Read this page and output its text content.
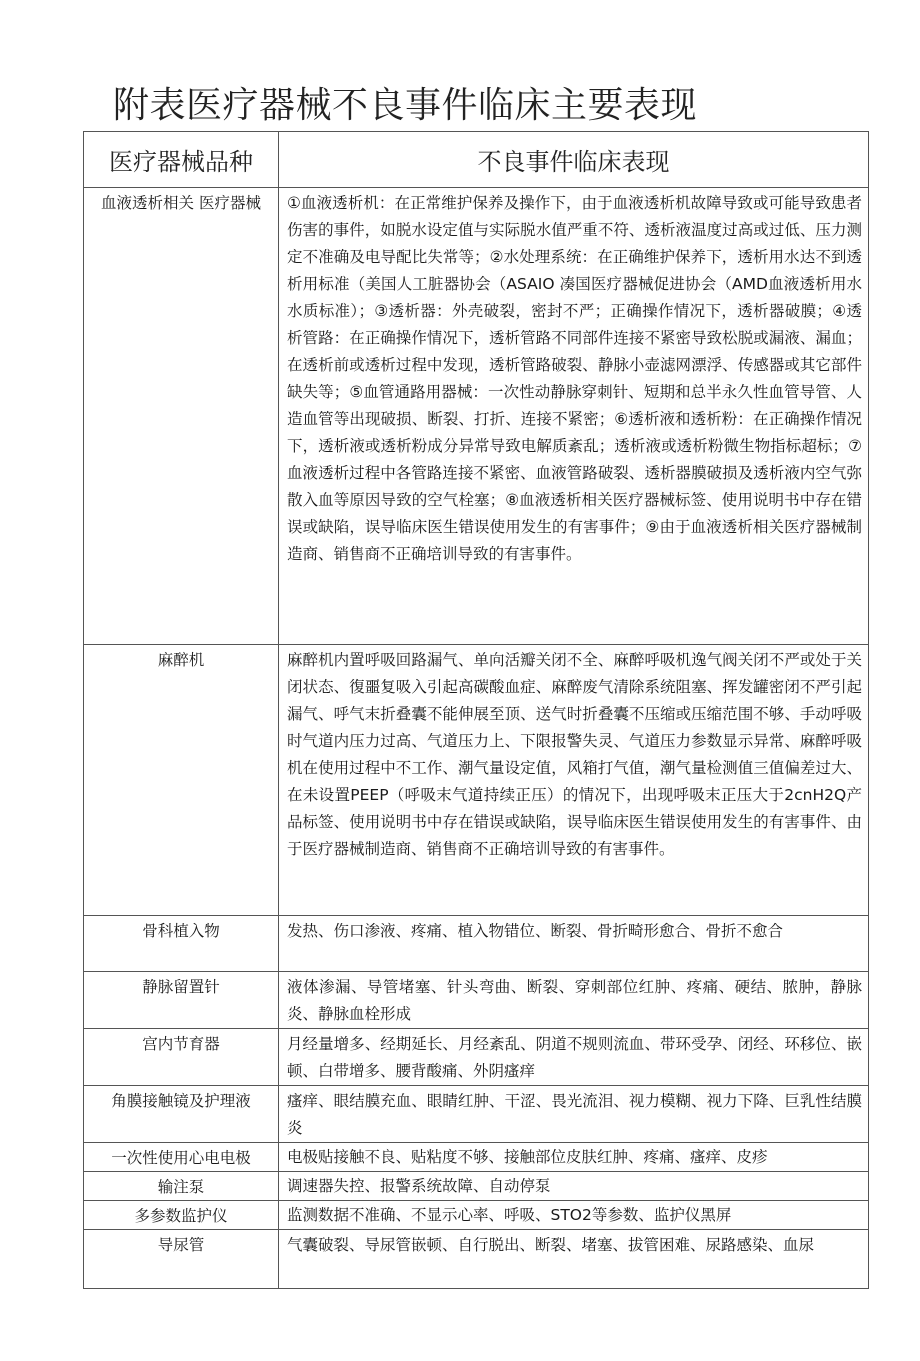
附表医疗器械不良事件临床主要表现
医疗器械品种	不良事件临床表现
血液透析相关 医疗器械	①血液透析机：在正常维护保养及操作下，由于血液透析机故障导致或可能导致患者伤害的事件，如脱水设定值与实际脱水值严重不符、透析液温度过高或过低、压力测定不准确及电导配比失常等；②水处理系统：在正确维护保养下，透析用水达不到透析用标准（美国人工脏器协会（ASAIO 凑国医疗器械促进协会（AMD血液透析用水水质标准）；③透析器：外壳破裂，密封不严；正确操作情况下，透析器破膜；④透析管路：在正确操作情况下，透析管路不同部件连接不紧密导致松脱或漏液、漏血；在透析前或透析过程中发现，透析管路破裂、静脉小壶滤网漂浮、传感器或其它部件缺失等；⑤血管通路用器械：一次性动静脉穿刺针、短期和总半永久性血管导管、人造血管等出现破损、断裂、打折、连接不紧密；⑥透析液和透析粉：在正确操作情况下，透析液或透析粉成分异常导致电解质紊乱；透析液或透析粉微生物指标超标；⑦血液透析过程中各管路连接不紧密、血液管路破裂、透析器膜破损及透析液内空气弥散入血等原因导致的空气栓塞；⑧血液透析相关医疗器械标签、使用说明书中存在错误或缺陷，误导临床医生错误使用发生的有害事件；⑨由于血液透析相关医疗器械制造商、销售商不正确培训导致的有害事件。
麻醉机	麻醉机内置呼吸回路漏气、单向活瓣关闭不全、麻醉呼吸机逸气阀关闭不严或处于关闭状态、復噩复吸入引起高碳酸血症、麻醉废气清除系统阻塞、挥发罐密闭不严引起漏气、呼气末折叠囊不能伸展至顶、送气时折叠囊不压缩或压缩范围不够、手动呼吸时气道内压力过高、气道压力上、下限报警失灵、气道压力参数显示异常、麻醉呼吸机在使用过程中不工作、潮气量设定值，风箱打气值，潮气量检测值三值偏差过大、在未设置PEEP（呼吸末气道持续正压）的情况下，出现呼吸末正压大于2cnH2Q产品标签、使用说明书中存在错误或缺陷，误导临床医生错误使用发生的有害事件、由于医疗器械制造商、销售商不正确培训导致的有害事件。
骨科植入物	发热、伤口渗液、疼痛、植入物错位、断裂、骨折畸形愈合、骨折不愈合
静脉留置针	液体渗漏、导管堵塞、针头弯曲、断裂、穿刺部位红肿、疼痛、硬结、脓肿，静脉炎、静脉血栓形成
宫内节育器	月经量增多、经期延长、月经紊乱、阴道不规则流血、带环受孕、闭经、环移位、嵌顿、白带增多、腰背酸痛、外阴瘙痒
角膜接触镜及护理液	瘙痒、眼结膜充血、眼睛红肿、干涩、畏光流泪、视力模糊、视力下降、巨乳性结膜炎
一次性使用心电电极	电极贴接触不良、贴粘度不够、接触部位皮肤红肿、疼痛、瘙痒、皮疹
输注泵	调速器失控、报警系统故障、自动停泵
多参数监护仪	监测数据不准确、不显示心率、呼吸、STO2等参数、监护仪黑屏
导尿管	气囊破裂、导尿管嵌顿、自行脱出、断裂、堵塞、拔管困难、尿路感染、血尿
